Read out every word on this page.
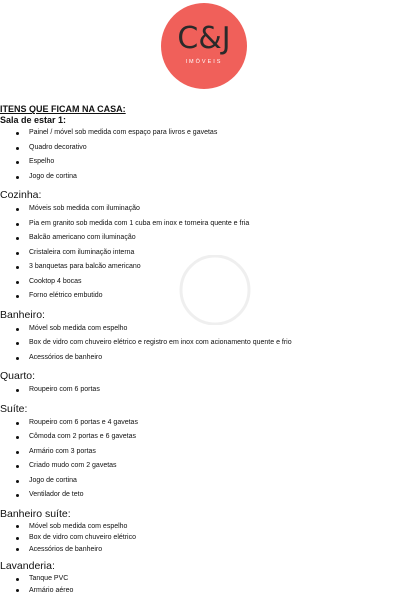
C&J
IMÓVEIS

ITENS QUE FICAM NA CASA:

Sala de estar 1:

Painel / móvel sob medida com espaço para livros e gavetas
Quadro decorativo
Espelho
Jogo de cortina

Cozinha:

Móveis sob medida com iluminação
Pia em granito sob medida com 1 cuba em inox e torneira quente e fria
Balcão americano com iluminação
Cristaleira com iluminação interna
3 banquetas para balcão americano
Cooktop 4 bocas
Forno elétrico embutido

Banheiro:

Móvel sob medida com espelho
Box de vidro com chuveiro elétrico e registro em inox com acionamento quente e frio
Acessórios de banheiro

Quarto:

Roupeiro com 6 portas

Suíte:

Roupeiro com 6 portas e 4 gavetas
Cômoda com 2 portas e 6 gavetas
Armário com 3 portas
Criado mudo com 2 gavetas
Jogo de cortina
Ventilador de teto

Banheiro suíte:

Móvel sob medida com espelho
Box de vidro com chuveiro elétrico
Acessórios de banheiro

Lavanderia:

Tanque PVC
Armário aéreo
